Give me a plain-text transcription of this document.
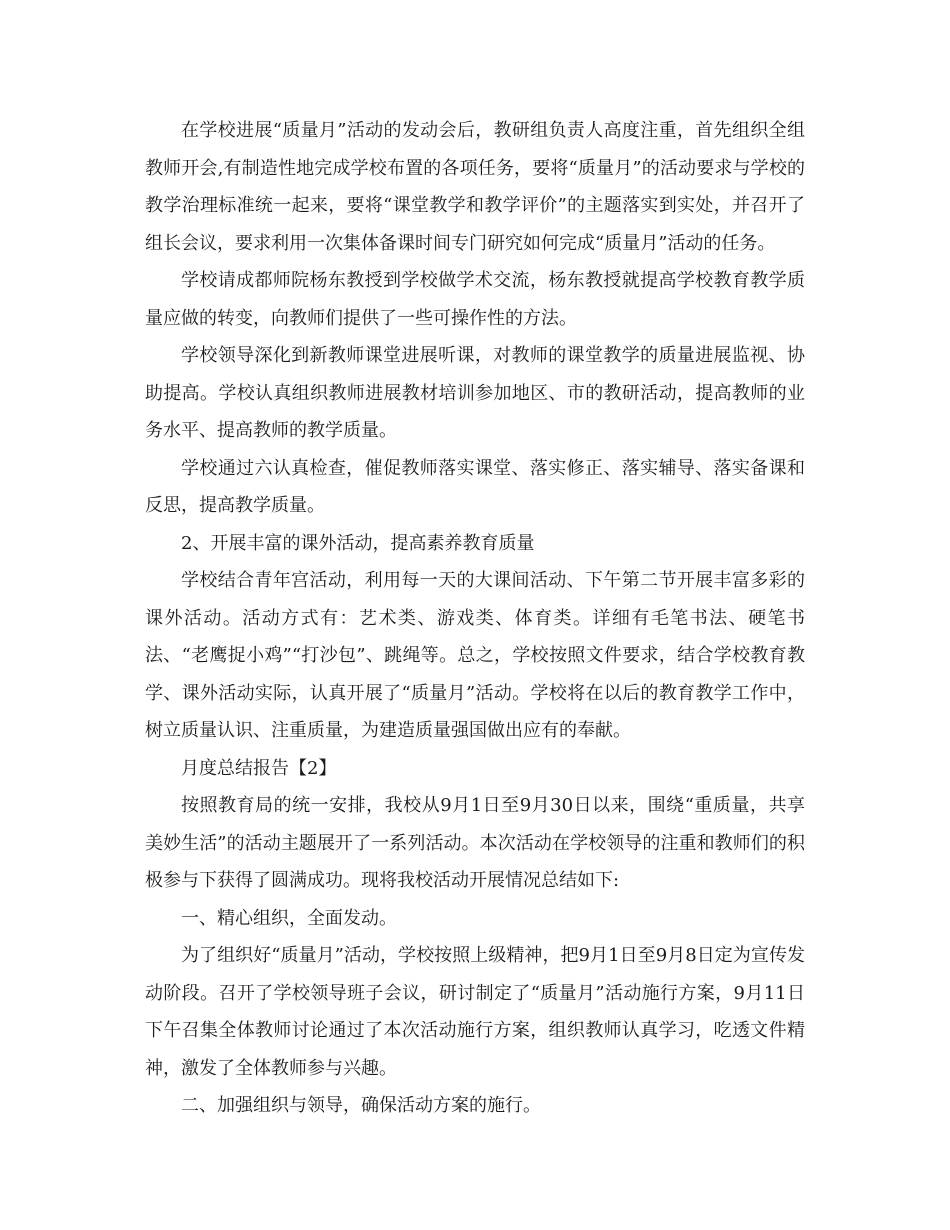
在学校进展“质量月”活动的发动会后，教研组负责人高度注重，首先组织全组教师开会,有制造性地完成学校布置的各项任务，要将“质量月”的活动要求与学校的教学治理标准统一起来，要将“课堂教学和教学评价”的主题落实到实处，并召开了组长会议，要求利用一次集体备课时间专门研究如何完成“质量月”活动的任务。

学校请成都师院杨东教授到学校做学术交流，杨东教授就提高学校教育教学质量应做的转变，向教师们提供了一些可操作性的方法。

学校领导深化到新教师课堂进展听课，对教师的课堂教学的质量进展监视、协助提高。学校认真组织教师进展教材培训参加地区、市的教研活动，提高教师的业务水平、提高教师的教学质量。

学校通过六认真检查，催促教师落实课堂、落实修正、落实辅导、落实备课和反思，提高教学质量。

2、开展丰富的课外活动，提高素养教育质量

学校结合青年宫活动，利用每一天的大课间活动、下午第二节开展丰富多彩的课外活动。活动方式有：艺术类、游戏类、体育类。详细有毛笔书法、硬笔书法、“老鹰捉小鸡”“打沙包”、跳绳等。总之，学校按照文件要求，结合学校教育教学、课外活动实际，认真开展了“质量月”活动。学校将在以后的教育教学工作中，树立质量认识、注重质量，为建造质量强国做出应有的奉献。

月度总结报告【2】

按照教育局的统一安排，我校从9月1日至9月30日以来，围绕“重质量，共享美妙生活”的活动主题展开了一系列活动。本次活动在学校领导的注重和教师们的积极参与下获得了圆满成功。现将我校活动开展情况总结如下:

一、精心组织，全面发动。

为了组织好“质量月”活动，学校按照上级精神，把9月1日至9月8日定为宣传发动阶段。召开了学校领导班子会议，研讨制定了“质量月”活动施行方案，9月11日下午召集全体教师讨论通过了本次活动施行方案，组织教师认真学习，吃透文件精神，激发了全体教师参与兴趣。

二、加强组织与领导，确保活动方案的施行。
